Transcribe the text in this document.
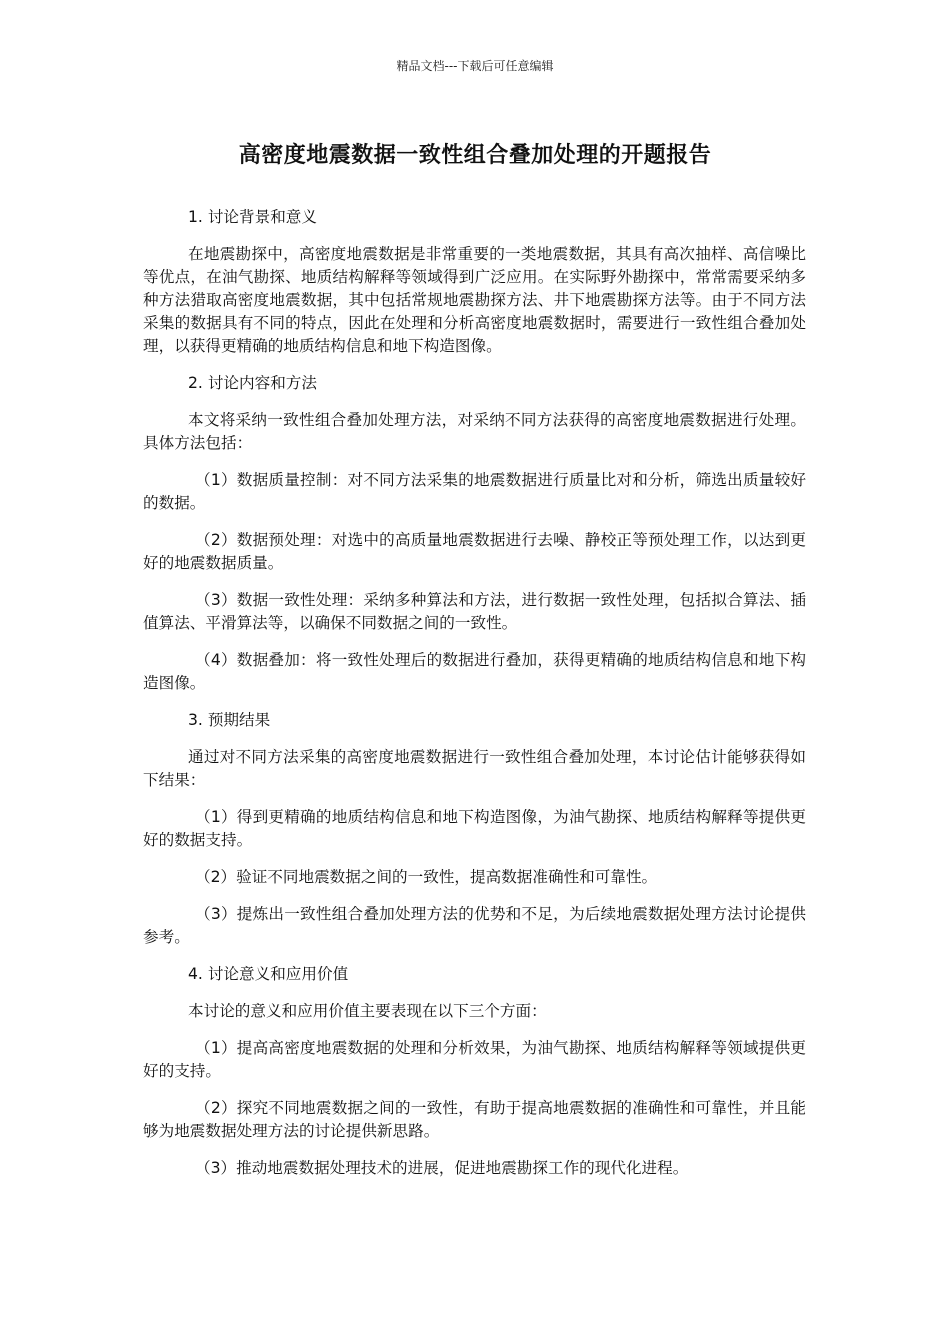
精品文档---下载后可任意编辑
高密度地震数据一致性组合叠加处理的开题报告

1. 讨论背景和意义

在地震勘探中，高密度地震数据是非常重要的一类地震数据，其具有高次抽样、高信噪比等优点，在油气勘探、地质结构解释等领域得到广泛应用。在实际野外勘探中，常常需要采纳多种方法猎取高密度地震数据，其中包括常规地震勘探方法、井下地震勘探方法等。由于不同方法采集的数据具有不同的特点，因此在处理和分析高密度地震数据时，需要进行一致性组合叠加处理，以获得更精确的地质结构信息和地下构造图像。

2. 讨论内容和方法

本文将采纳一致性组合叠加处理方法，对采纳不同方法获得的高密度地震数据进行处理。具体方法包括：

（1）数据质量控制：对不同方法采集的地震数据进行质量比对和分析，筛选出质量较好的数据。

（2）数据预处理：对选中的高质量地震数据进行去噪、静校正等预处理工作，以达到更好的地震数据质量。

（3）数据一致性处理：采纳多种算法和方法，进行数据一致性处理，包括拟合算法、插值算法、平滑算法等，以确保不同数据之间的一致性。

（4）数据叠加：将一致性处理后的数据进行叠加，获得更精确的地质结构信息和地下构造图像。

3. 预期结果

通过对不同方法采集的高密度地震数据进行一致性组合叠加处理，本讨论估计能够获得如下结果：

（1）得到更精确的地质结构信息和地下构造图像，为油气勘探、地质结构解释等提供更好的数据支持。

（2）验证不同地震数据之间的一致性，提高数据准确性和可靠性。

（3）提炼出一致性组合叠加处理方法的优势和不足，为后续地震数据处理方法讨论提供参考。

4. 讨论意义和应用价值

本讨论的意义和应用价值主要表现在以下三个方面：

（1）提高高密度地震数据的处理和分析效果，为油气勘探、地质结构解释等领域提供更好的支持。

（2）探究不同地震数据之间的一致性，有助于提高地震数据的准确性和可靠性，并且能够为地震数据处理方法的讨论提供新思路。

（3）推动地震数据处理技术的进展，促进地震勘探工作的现代化进程。
